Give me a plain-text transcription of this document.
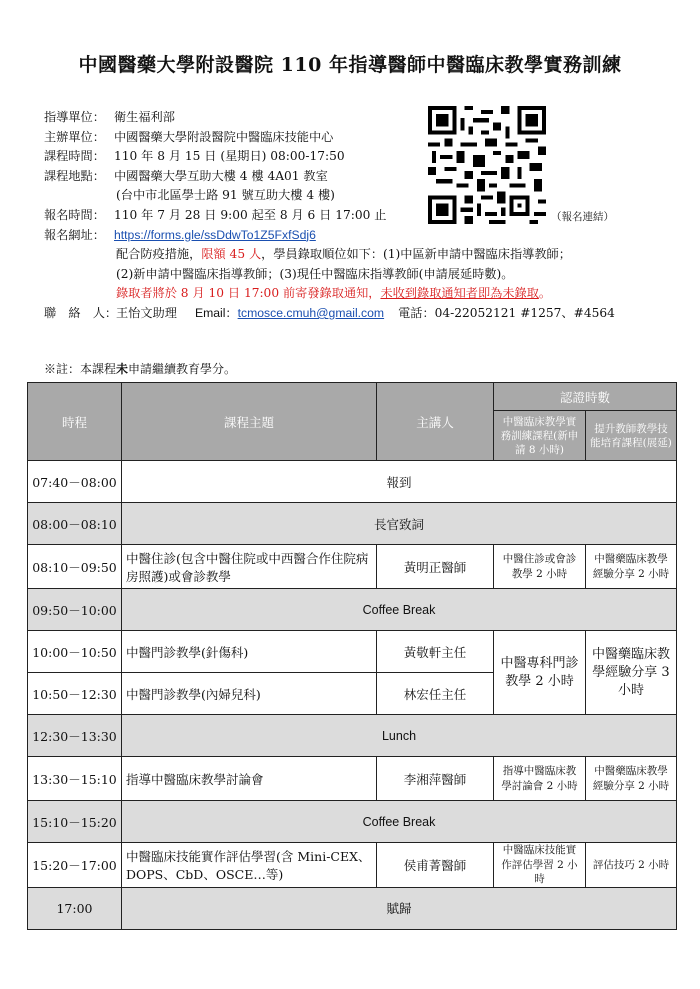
中國醫藥大學附設醫院 110 年指導醫師中醫臨床教學實務訓練
指導單位： 衛生福利部
主辦單位： 中國醫藥大學附設醫院中醫臨床技能中心
課程時間： 110 年 8 月 15 日 (星期日) 08:00-17:50
課程地點： 中國醫藥大學互助大樓 4 樓 4A01 教室
(台中市北區學士路 91 號互助大樓 4 樓)
報名時間： 110 年 7 月 28 日 9:00 起至 8 月 6 日 17:00 止
報名網址： https://forms.gle/ssDdwTo1Z5FxfSdj6
配合防疫措施，限額 45 人，學員錄取順位如下：(1)中區新申請中醫臨床指導教師；
(2)新申請中醫臨床指導教師；(3)現任中醫臨床指導教師(申請展延時數)。
錄取者將於 8 月 10 日 17:00 前寄發錄取通知，未收到錄取通知者即為未錄取。
聯　絡　人：王怡文助理 Email：tcmosce.cmuh@gmail.com 電話：04-22052121 #1257、#4564
（報名連結）
※註：本課程未申請繼續教育學分。
時程	課程主題	主講人	認證時數	
			中醫臨床教學實務訓練課程(新申請 8 小時)	提升教師教學技能培育課程(展延)
07:40－08:00	報到			
08:00－08:10	長官致詞			
08:10－09:50	中醫住診(包含中醫住院或中西醫合作住院病房照護)或會診教學	黃明正醫師	中醫住診或會診教學 2 小時	中醫藥臨床教學經驗分享 2 小時
09:50－10:00	Coffee Break			
10:00－10:50	中醫門診教學(針傷科)	黃敬軒主任	中醫專科門診教學 2 小時	中醫藥臨床教學經驗分享 3 小時
10:50－12:30	中醫門診教學(內婦兒科)	林宏任主任		
12:30－13:30	Lunch			
13:30－15:10	指導中醫臨床教學討論會	李湘萍醫師	指導中醫臨床教學討論會 2 小時	中醫藥臨床教學經驗分享 2 小時
15:10－15:20	Coffee Break			
15:20－17:00	中醫臨床技能實作評估學習(含 Mini-CEX、DOPS、CbD、OSCE…等)	侯甫菁醫師	中醫臨床技能實作評估學習 2 小時	評估技巧 2 小時
17:00	賦歸			
